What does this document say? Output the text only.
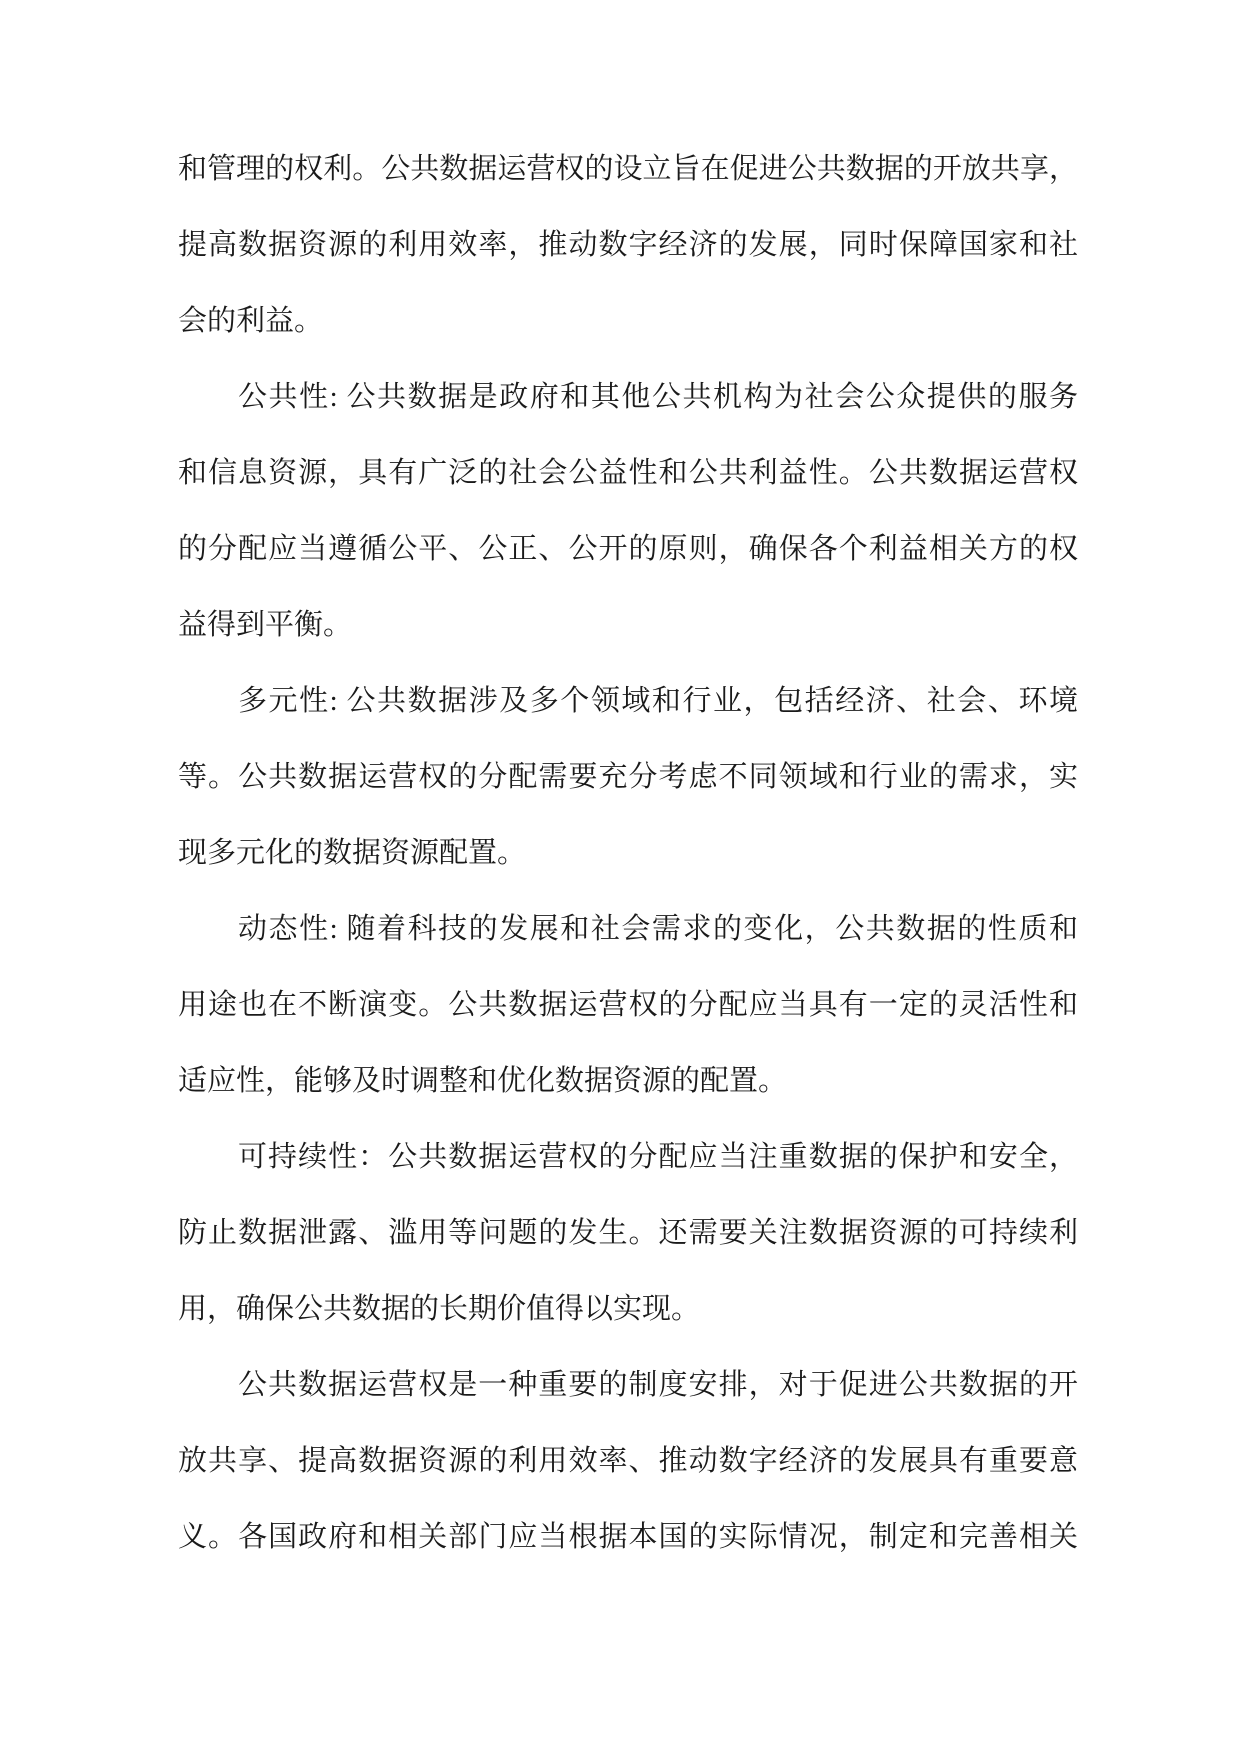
和管理的权利。公共数据运营权的设立旨在促进公共数据的开放共享，
提高数据资源的利用效率，推动数字经济的发展，同时保障国家和社
会的利益。
公共性: 公共数据是政府和其他公共机构为社会公众提供的服务
和信息资源，具有广泛的社会公益性和公共利益性。公共数据运营权
的分配应当遵循公平、公正、公开的原则，确保各个利益相关方的权
益得到平衡。
多元性: 公共数据涉及多个领域和行业，包括经济、社会、环境
等。公共数据运营权的分配需要充分考虑不同领域和行业的需求，实
现多元化的数据资源配置。
动态性: 随着科技的发展和社会需求的变化，公共数据的性质和
用途也在不断演变。公共数据运营权的分配应当具有一定的灵活性和
适应性，能够及时调整和优化数据资源的配置。
可持续性：公共数据运营权的分配应当注重数据的保护和安全，
防止数据泄露、滥用等问题的发生。还需要关注数据资源的可持续利
用，确保公共数据的长期价值得以实现。
公共数据运营权是一种重要的制度安排，对于促进公共数据的开
放共享、提高数据资源的利用效率、推动数字经济的发展具有重要意
义。各国政府和相关部门应当根据本国的实际情况，制定和完善相关
